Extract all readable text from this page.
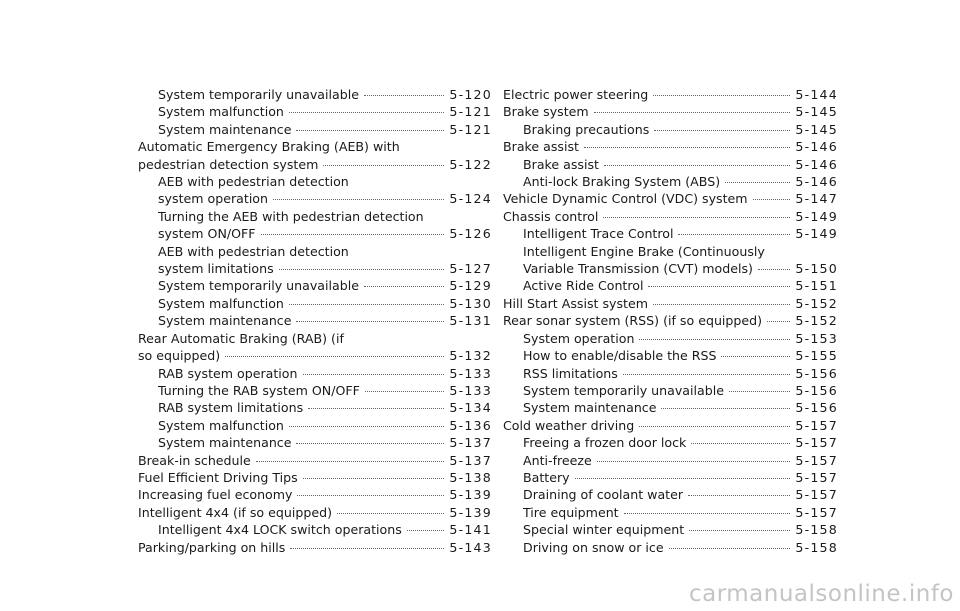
System temporarily unavailable	5-120
System malfunction	5-121
System maintenance	5-121
Automatic Emergency Braking (AEB) with
pedestrian detection system	5-122
AEB with pedestrian detection
system operation	5-124
Turning the AEB with pedestrian detection
system ON/OFF	5-126
AEB with pedestrian detection
system limitations	5-127
System temporarily unavailable	5-129
System malfunction	5-130
System maintenance	5-131
Rear Automatic Braking (RAB) (if
so equipped)	5-132
RAB system operation	5-133
Turning the RAB system ON/OFF	5-133
RAB system limitations	5-134
System malfunction	5-136
System maintenance	5-137
Break-in schedule	5-137
Fuel Efficient Driving Tips	5-138
Increasing fuel economy	5-139
Intelligent 4x4 (if so equipped)	5-139
Intelligent 4x4 LOCK switch operations	5-141
Parking/parking on hills	5-143
Electric power steering	5-144
Brake system	5-145
Braking precautions	5-145
Brake assist	5-146
Brake assist	5-146
Anti-lock Braking System (ABS)	5-146
Vehicle Dynamic Control (VDC) system	5-147
Chassis control	5-149
Intelligent Trace Control	5-149
Intelligent Engine Brake (Continuously
Variable Transmission (CVT) models)	5-150
Active Ride Control	5-151
Hill Start Assist system	5-152
Rear sonar system (RSS) (if so equipped)	5-152
System operation	5-153
How to enable/disable the RSS	5-155
RSS limitations	5-156
System temporarily unavailable	5-156
System maintenance	5-156
Cold weather driving	5-157
Freeing a frozen door lock	5-157
Anti-freeze	5-157
Battery	5-157
Draining of coolant water	5-157
Tire equipment	5-157
Special winter equipment	5-158
Driving on snow or ice	5-158
carmanualsonline.info
